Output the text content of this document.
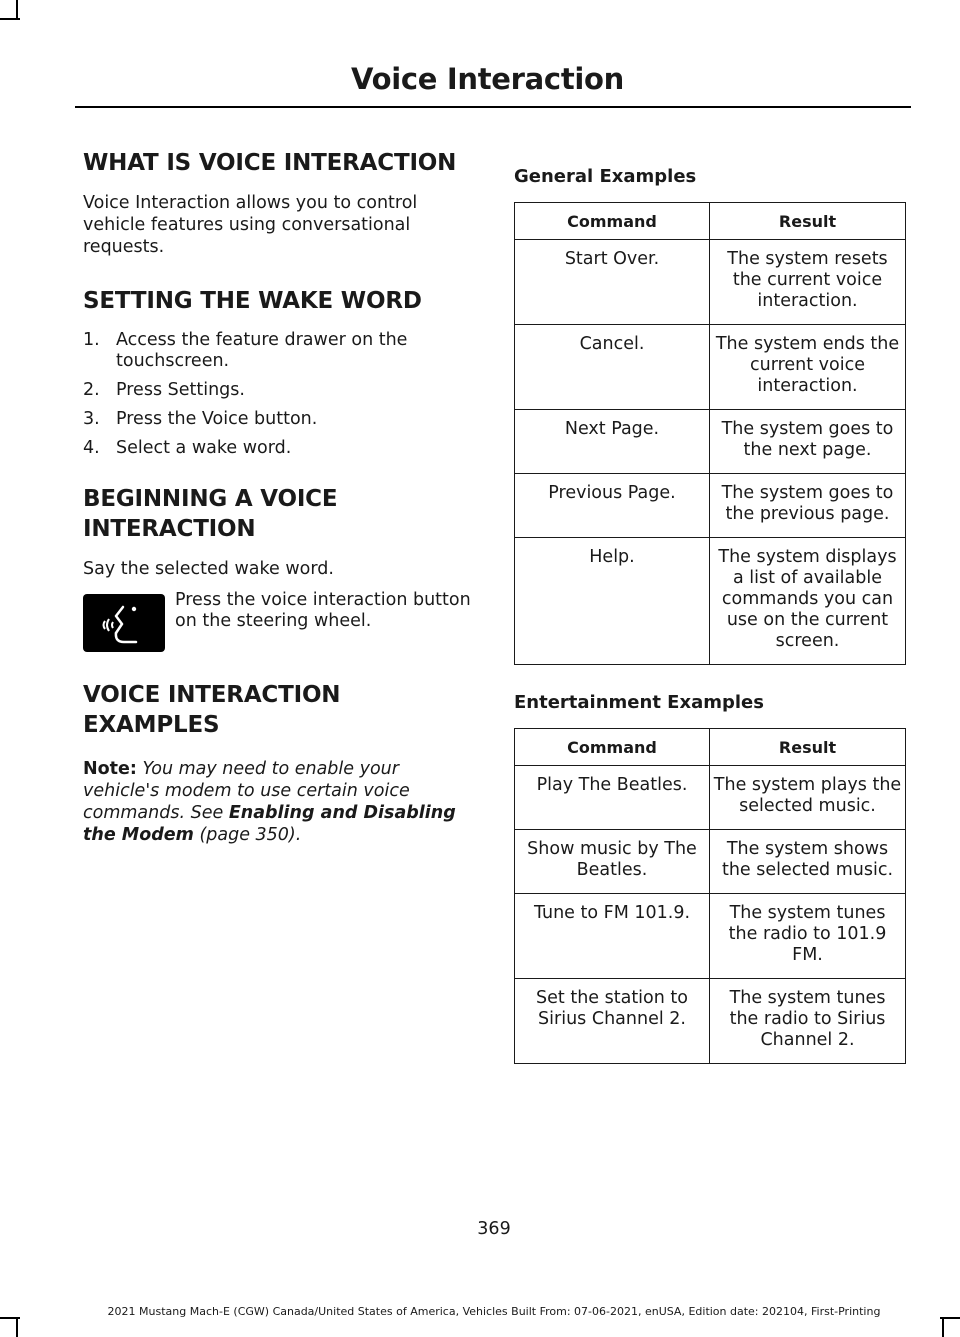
Voice Interaction
WHAT IS VOICE INTERACTION

Voice Interaction allows you to control vehicle features using conversational requests.

SETTING THE WAKE WORD
1. Access the feature drawer on the touchscreen.
2. Press Settings.
3. Press the Voice button.
4. Select a wake word.
BEGINNING A VOICE
INTERACTION

Say the selected wake word.

Press the voice interaction button on the steering wheel.
VOICE INTERACTION
EXAMPLES

Note: You may need to enable your vehicle's modem to use certain voice commands. See Enabling and Disabling the Modem (page 350).

General Examples
Command	Result
Start Over.	The system resets the current voice interaction.
Cancel.	The system ends the current voice interaction.
Next Page.	The system goes to the next page.
Previous Page.	The system goes to the previous page.
Help.	The system displays a list of available commands you can use on the current screen.
Entertainment Examples
Command	Result
Play The Beatles.	The system plays the selected music.
Show music by The Beatles.	The system shows the selected music.
Tune to FM 101.9.	The system tunes the radio to 101.9 FM.
Set the station to Sirius Channel 2.	The system tunes the radio to Sirius Channel 2.
369
2021 Mustang Mach-E (CGW) Canada/United States of America, Vehicles Built From: 07-06-2021, enUSA, Edition date: 202104, First-Printing
